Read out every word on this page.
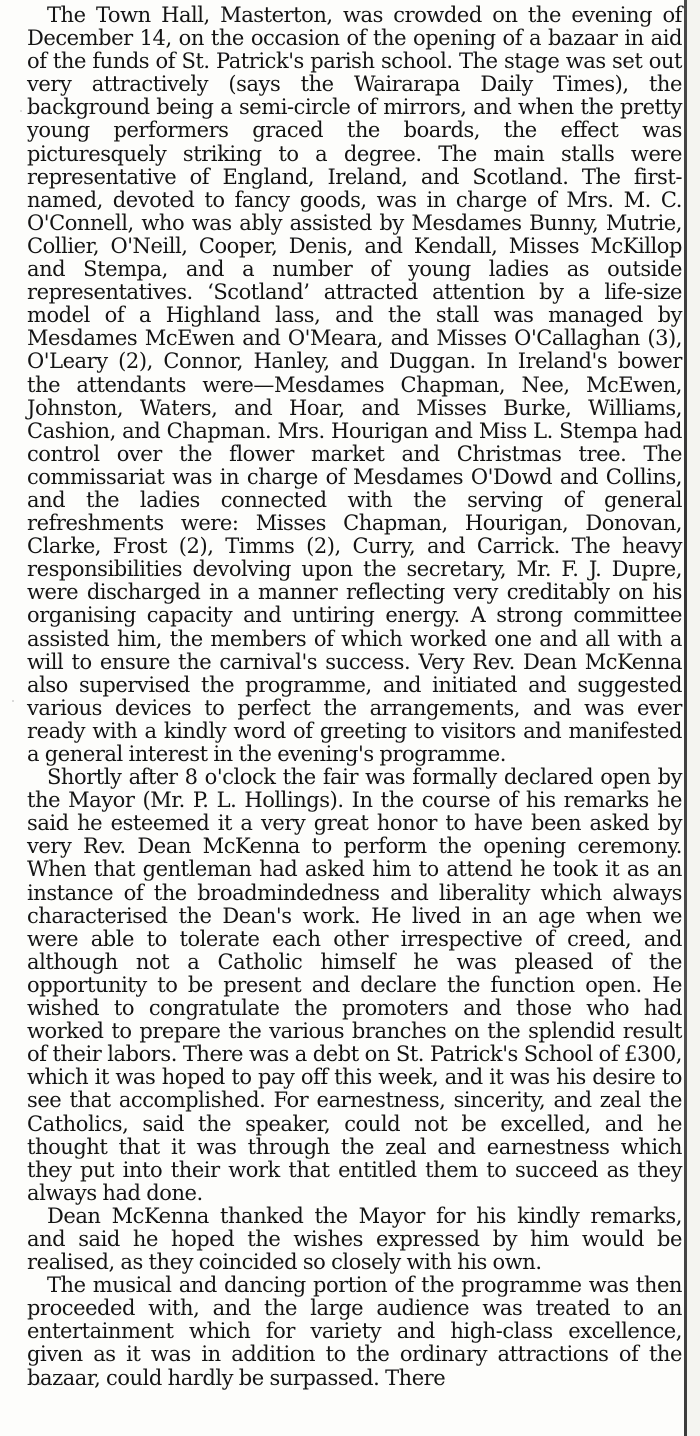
The Town Hall, Masterton, was crowded on the evening of December 14, on the occasion of the opening of a bazaar in aid of the funds of St. Patrick's parish school. The stage was set out very attractively (says the Wairarapa Daily Times), the background being a semi-circle of mirrors, and when the pretty young performers graced the boards, the effect was picturesquely striking to a degree. The main stalls were representative of England, Ireland, and Scotland. The first-named, devoted to fancy goods, was in charge of Mrs. M. C. O'Connell, who was ably assisted by Mesdames Bunny, Mutrie, Collier, O'Neill, Cooper, Denis, and Kendall, Misses McKillop and Stempa, and a number of young ladies as outside representatives. ‘Scotland’ attracted attention by a life-size model of a Highland lass, and the stall was managed by Mesdames McEwen and O'Meara, and Misses O'Callaghan (3), O'Leary (2), Connor, Hanley, and Duggan. In Ireland's bower the attendants were—Mesdames Chapman, Nee, McEwen, Johnston, Waters, and Hoar, and Misses Burke, Williams, Cashion, and Chapman. Mrs. Hourigan and Miss L. Stempa had control over the flower market and Christmas tree. The commissariat was in charge of Mesdames O'Dowd and Collins, and the ladies connected with the serving of general refreshments were: Misses Chapman, Hourigan, Donovan, Clarke, Frost (2), Timms (2), Curry, and Carrick. The heavy responsibilities devolving upon the secretary, Mr. F. J. Dupre, were discharged in a manner reflecting very creditably on his organising capacity and untiring energy. A strong committee assisted him, the members of which worked one and all with a will to ensure the carnival's success. Very Rev. Dean McKenna also supervised the programme, and initiated and suggested various devices to perfect the arrangements, and was ever ready with a kindly word of greeting to visitors and manifested a general interest in the evening's programme.

Shortly after 8 o'clock the fair was formally declared open by the Mayor (Mr. P. L. Hollings). In the course of his remarks he said he esteemed it a very great honor to have been asked by very Rev. Dean McKenna to perform the opening ceremony. When that gentleman had asked him to attend he took it as an instance of the broadmindedness and liberality which always characterised the Dean's work. He lived in an age when we were able to tolerate each other irrespective of creed, and although not a Catholic himself he was pleased of the opportunity to be present and declare the function open. He wished to congratulate the promoters and those who had worked to prepare the various branches on the splendid result of their labors. There was a debt on St. Patrick's School of £300, which it was hoped to pay off this week, and it was his desire to see that accomplished. For earnestness, sincerity, and zeal the Catholics, said the speaker, could not be excelled, and he thought that it was through the zeal and earnestness which they put into their work that entitled them to succeed as they always had done.

Dean McKenna thanked the Mayor for his kindly remarks, and said he hoped the wishes expressed by him would be realised, as they coincided so closely with his own.

The musical and dancing portion of the programme was then proceeded with, and the large audience was treated to an entertainment which for variety and high-class excellence, given as it was in addition to the ordinary attractions of the bazaar, could hardly be surpassed. There
